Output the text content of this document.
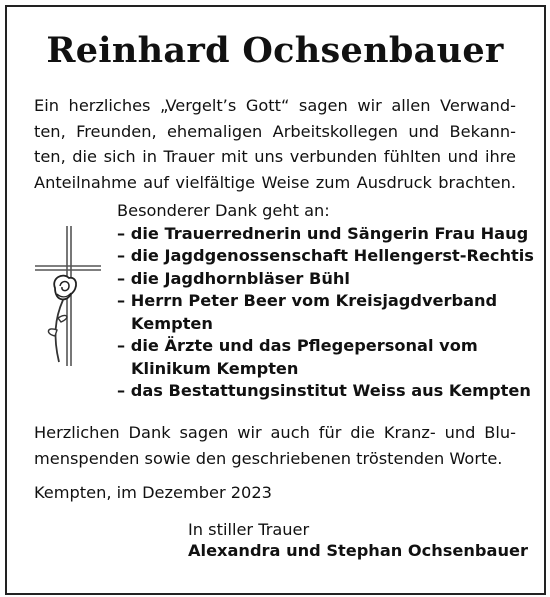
Reinhard Ochsenbauer
Ein herzliches „Vergelt’s Gott“ sagen wir allen Verwand-
ten, Freunden, ehemaligen Arbeitskollegen und Bekann-
ten, die sich in Trauer mit uns verbunden fühlten und ihre
Anteilnahme auf vielfältige Weise zum Ausdruck brachten.
Besonderer Dank geht an:
– die Trauerrednerin und Sängerin Frau Haug
– die Jagdgenossenschaft Hellengerst-Rechtis
– die Jagdhornbläser Bühl
– Herrn Peter Beer vom Kreisjagdverband
Kempten
– die Ärzte und das Pflegepersonal vom
Klinikum Kempten
– das Bestattungsinstitut Weiss aus Kempten
Herzlichen Dank sagen wir auch für die Kranz- und Blu-
menspenden sowie den geschriebenen tröstenden Worte.
Kempten, im Dezember 2023
In stiller Trauer
Alexandra und Stephan Ochsenbauer
